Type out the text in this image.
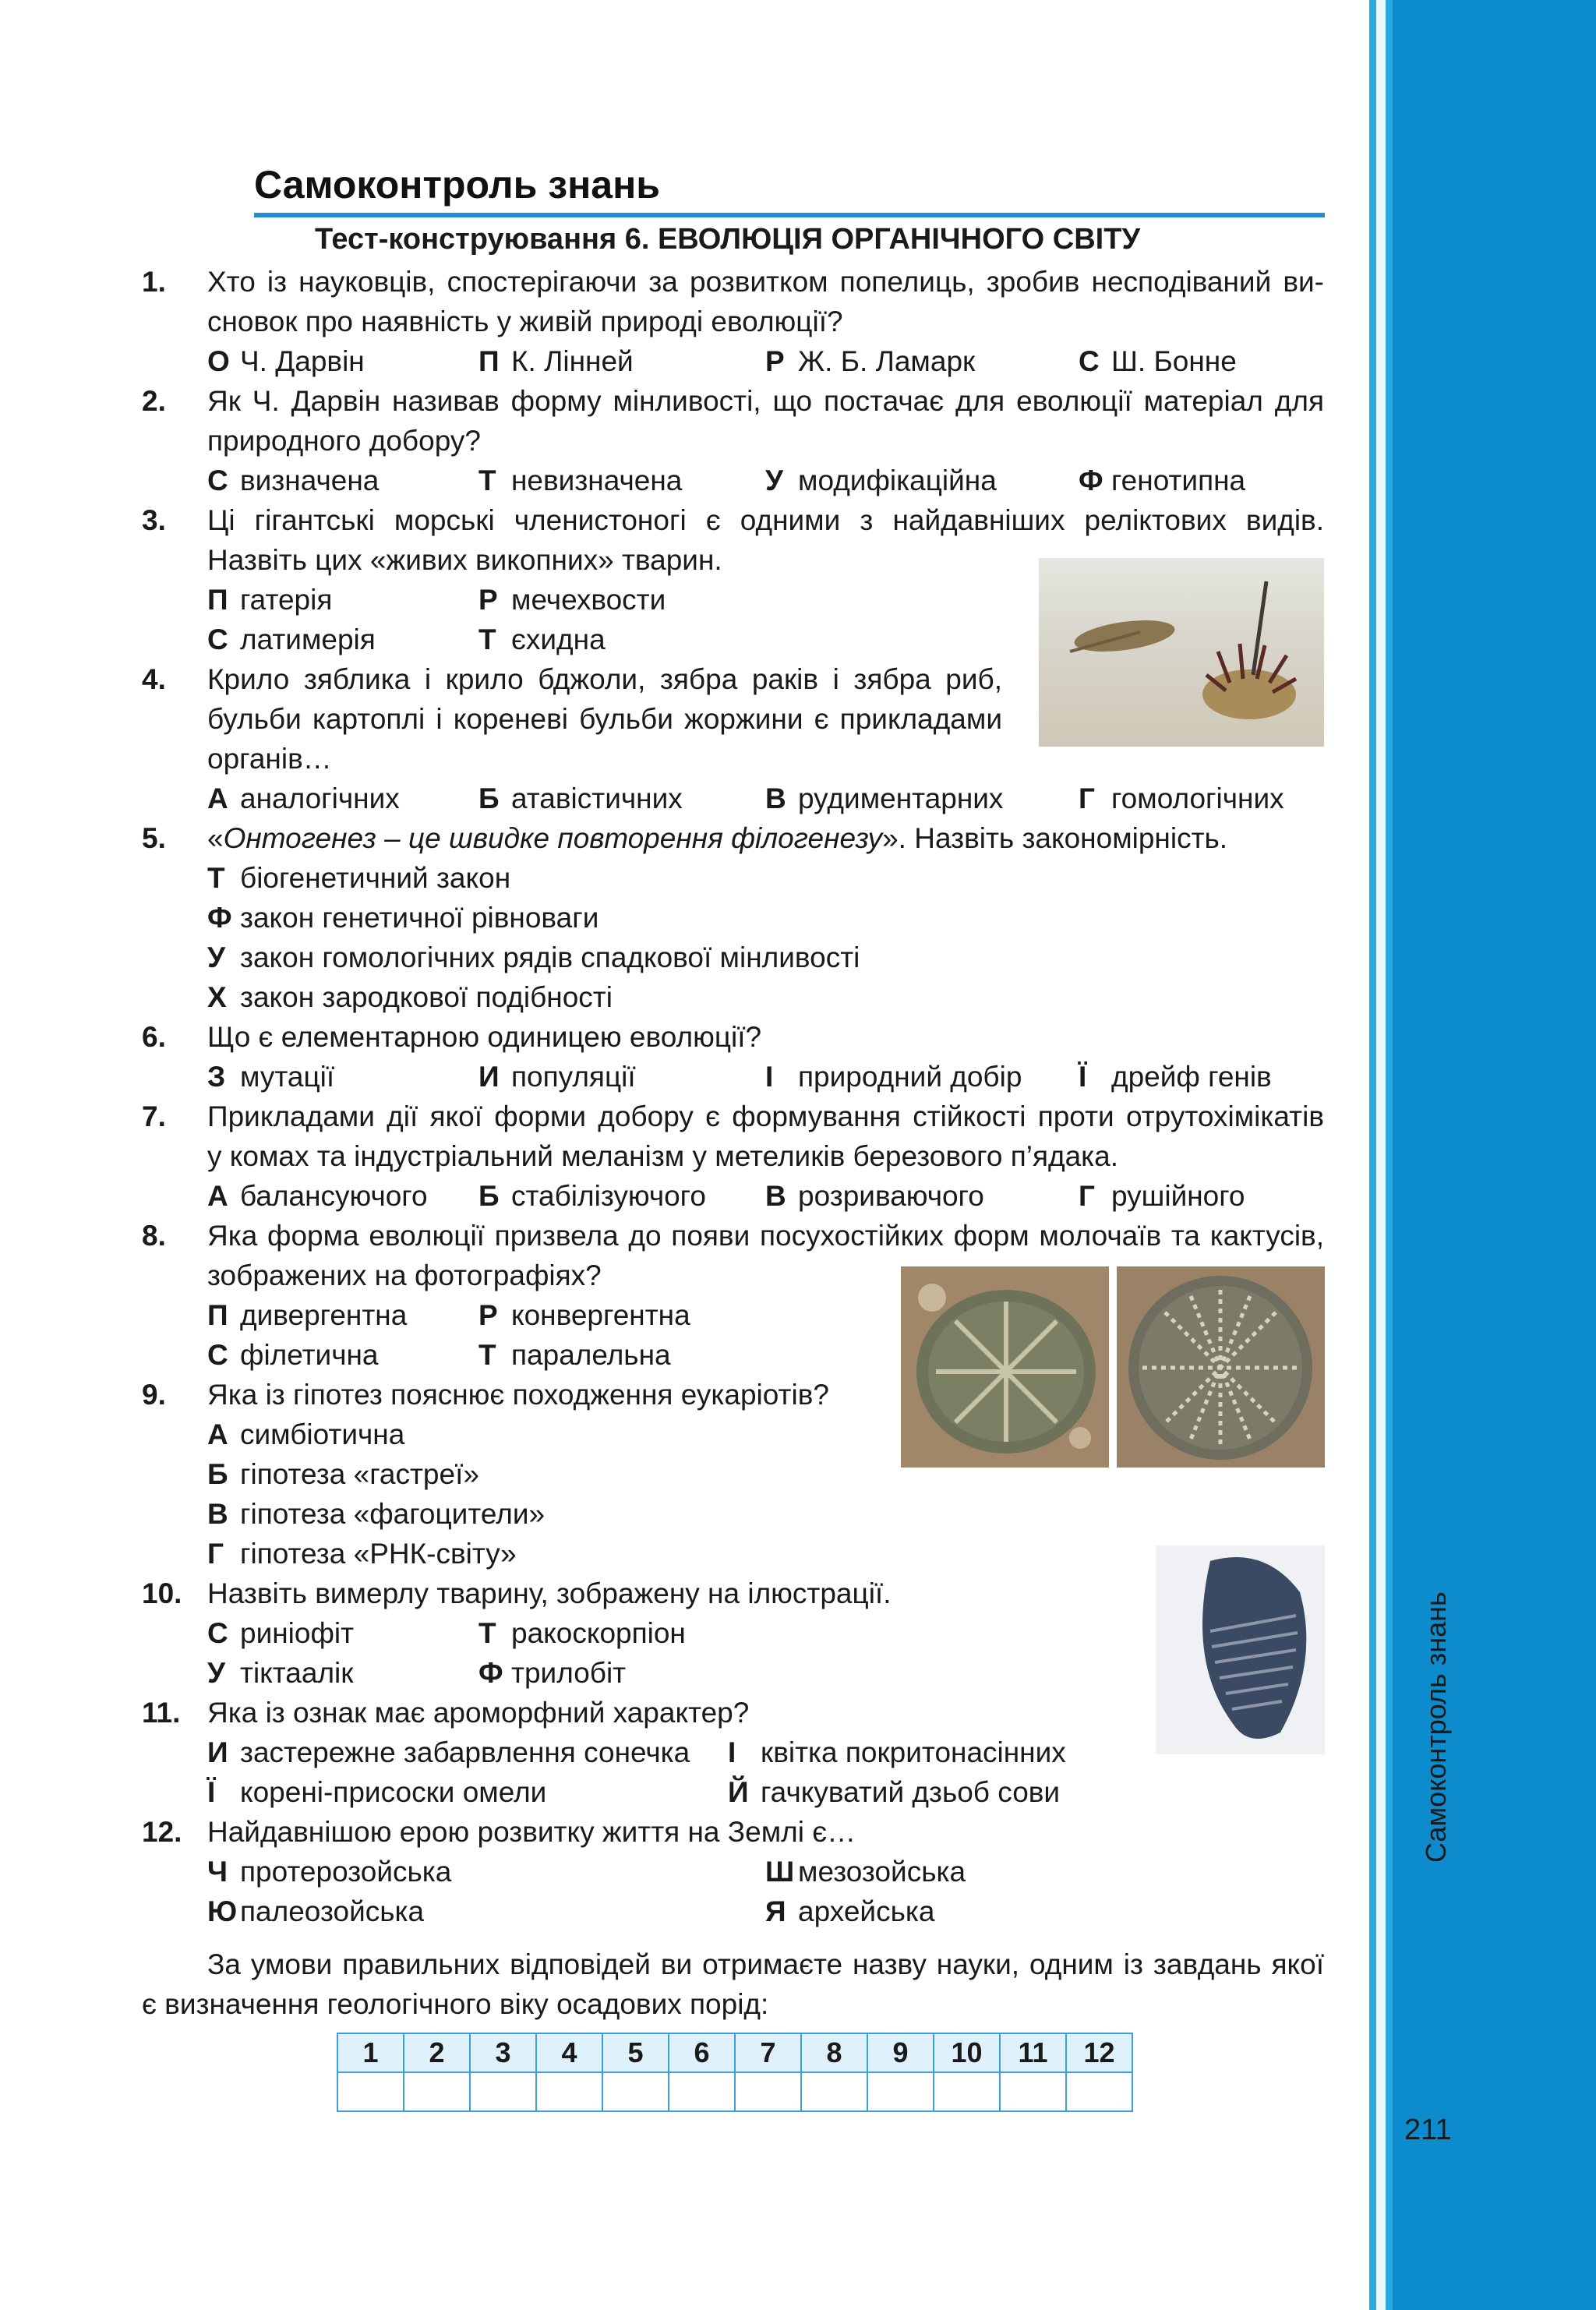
Самоконтроль знань
211
Самоконтроль знань
Тест-конструювання 6. ЕВОЛЮЦІЯ ОРГАНІЧНОГО СВІТУ
1. Хто із науковців, спостерігаючи за розвитком попелиць, зробив несподіваний ви-
сновок про наявність у живій природі еволюції?
О Ч. Дарвін	П К. Лінней	Р Ж. Б. Ламарк	С Ш. Бонне
2. Як Ч. Дарвін називав форму мінливості, що постачає для еволюції матеріал для
природного добору?
С визначена	Т невизначена	У модифікаційна	Ф генотипна
3. Ці гігантські морські членистоногі є одними з найдавніших реліктових видів.
Назвіть цих «живих викопних» тварин.
П гатерія	Р мечехвости
С латимерія	Т єхидна
4. Крило зяблика і крило бджоли, зябра раків і зябра риб,
бульби картоплі і кореневі бульби жоржини є прикладами
органів…
А аналогічних	Б атавістичних	В рудиментарних	Г гомологічних
5. «Онтогенез – це швидке повторення філогенезу». Назвіть закономірність.
Т біогенетичний закон
Ф закон генетичної рівноваги
У закон гомологічних рядів спадкової мінливості
Х закон зародкової подібності
6. Що є елементарною одиницею еволюції?
З мутації	И популяції	І природний добір Ї дрейф генів
7. Прикладами дії якої форми добору є формування стійкості проти отрутохімікатів
у комах та індустріальний меланізм у метеликів березового п’ядака.
А балансуючого Б стабілізуючого В розриваючого	Г рушійного
8. Яка форма еволюції призвела до появи посухостійких форм молочаїв та кактусів,
зображених на фотографіях?
П дивергентна Р конвергентна
С філетична	Т паралельна
9. Яка із гіпотез пояснює походження еукаріотів?
А симбіотична
Б гіпотеза «гастреї»
В гіпотеза «фагоцители»
Г гіпотеза «РНК-світу»
10. Назвіть вимерлу тварину, зображену на ілюстрації.
С риніофіт	Т ракоскорпіон
У тіктаалік	Ф трилобіт
11. Яка із ознак має ароморфний характер?
И застережне забарвлення сонечка І квітка покритонасінних
Ї корені-присоски омели	Й гачкуватий дзьоб сови
12. Найдавнішою ерою розвитку життя на Землі є…
Ч протерозойська	Ш мезозойська
Ю палеозойська	Я архейська
За умови правильних відповідей ви отримаєте назву науки, одним із завдань якої
є визначення геологічного віку осадових порід:
1	2	3	4	5	6	7	8	9	10	11	12
